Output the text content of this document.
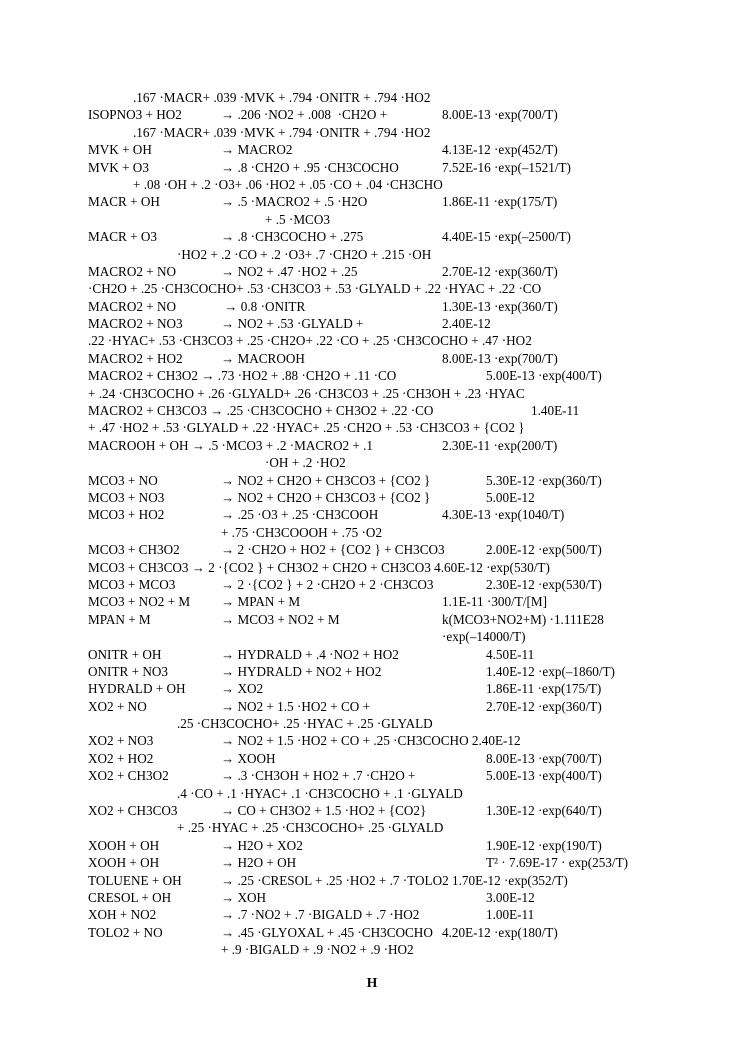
.167 ·MACR+ .039 ·MVK + .794 ·ONITR + .794 ·HO2
ISOPNO3 + HO2	→ .206 ·NO2 + .008  ·CH2O +	8.00E-13 ·exp(700/T)
.167 ·MACR+ .039 ·MVK + .794 ·ONITR + .794 ·HO2
MVK + OH	→ MACRO2	4.13E-12 ·exp(452/T)
MVK + O3	→ .8 ·CH2O + .95 ·CH3COCHO	7.52E-16 ·exp(–1521/T)
+ .08 ·OH + .2 ·O3+ .06 ·HO2 + .05 ·CO + .04 ·CH3CHO
MACR + OH	→ .5 ·MACRO2 + .5 ·H2O	1.86E-11 ·exp(175/T)
+ .5 ·MCO3
MACR + O3	→ .8 ·CH3COCHO + .275	4.40E-15 ·exp(–2500/T)
·HO2 + .2 ·CO + .2 ·O3+ .7 ·CH2O + .215 ·OH
MACRO2 + NO	→ NO2 + .47 ·HO2 + .25	2.70E-12 ·exp(360/T)
·CH2O + .25 ·CH3COCHO+ .53 ·CH3CO3 + .53 ·GLYALD + .22 ·HYAC + .22 ·CO
MACRO2 + NO	→ 0.8 ·ONITR	1.30E-13 ·exp(360/T)
MACRO2 + NO3	→ NO2 + .53 ·GLYALD +	2.40E-12
.22 ·HYAC+ .53 ·CH3CO3 + .25 ·CH2O+ .22 ·CO + .25 ·CH3COCHO + .47 ·HO2
MACRO2 + HO2	→ MACROOH	8.00E-13 ·exp(700/T)
MACRO2 + CH3O2 → .73 ·HO2 + .88 ·CH2O + .11 ·CO	5.00E-13 ·exp(400/T)
+ .24 ·CH3COCHO + .26 ·GLYALD+ .26 ·CH3CO3 + .25 ·CH3OH + .23 ·HYAC
MACRO2 + CH3CO3 → .25 ·CH3COCHO + CH3O2 + .22 ·CO	1.40E-11
+ .47 ·HO2 + .53 ·GLYALD + .22 ·HYAC+ .25 ·CH2O + .53 ·CH3CO3 + {CO2 }
MACROOH + OH → .5 ·MCO3 + .2 ·MACRO2 + .1	2.30E-11 ·exp(200/T)
·OH + .2 ·HO2
MCO3 + NO	→ NO2 + CH2O + CH3CO3 + {CO2 }	5.30E-12 ·exp(360/T)
MCO3 + NO3	→ NO2 + CH2O + CH3CO3 + {CO2 }	5.00E-12
MCO3 + HO2	→ .25 ·O3 + .25 ·CH3COOH	4.30E-13 ·exp(1040/T)
+ .75 ·CH3COOOH + .75 ·O2
MCO3 + CH3O2	→ 2 ·CH2O + HO2 + {CO2 } + CH3CO3	2.00E-12 ·exp(500/T)
MCO3 + CH3CO3 → 2 ·{CO2 } + CH3O2 + CH2O + CH3CO3 4.60E-12 ·exp(530/T)
MCO3 + MCO3	→ 2 ·{CO2 } + 2 ·CH2O + 2 ·CH3CO3	2.30E-12 ·exp(530/T)
MCO3 + NO2 + M → MPAN + M	1.1E-11 ·300/T/[M]
MPAN + M	→ MCO3 + NO2 + M	k(MCO3+NO2+M) ·1.111E28
·exp(–14000/T)
ONITR + OH	→ HYDRALD + .4 ·NO2 + HO2	4.50E-11
ONITR + NO3	→ HYDRALD + NO2 + HO2	1.40E-12 ·exp(–1860/T)
HYDRALD + OH	→ XO2	1.86E-11 ·exp(175/T)
XO2 + NO	→ NO2 + 1.5 ·HO2 + CO +	2.70E-12 ·exp(360/T)
.25 ·CH3COCHO+ .25 ·HYAC + .25 ·GLYALD
XO2 + NO3	→ NO2 + 1.5 ·HO2 + CO + .25 ·CH3COCHO 2.40E-12
XO2 + HO2	→ XOOH	8.00E-13 ·exp(700/T)
XO2 + CH3O2	→ .3 ·CH3OH + HO2 + .7 ·CH2O +	5.00E-13 ·exp(400/T)
.4 ·CO + .1 ·HYAC+ .1 ·CH3COCHO + .1 ·GLYALD
XO2 + CH3CO3	→ CO + CH3O2 + 1.5 ·HO2 + {CO2}	1.30E-12 ·exp(640/T)
+ .25 ·HYAC + .25 ·CH3COCHO+ .25 ·GLYALD
XOOH + OH	→ H2O + XO2	1.90E-12 ·exp(190/T)
XOOH + OH	→ H2O + OH	T² · 7.69E-17 · exp(253/T)
TOLUENE + OH	→ .25 ·CRESOL + .25 ·HO2 + .7 ·TOLO2 1.70E-12 ·exp(352/T)
CRESOL + OH	→ XOH	3.00E-12
XOH + NO2	→ .7 ·NO2 + .7 ·BIGALD + .7 ·HO2	1.00E-11
TOLO2 + NO	→ .45 ·GLYOXAL + .45 ·CH3COCHO 4.20E-12 ·exp(180/T)
+ .9 ·BIGALD + .9 ·NO2 + .9 ·HO2
H
